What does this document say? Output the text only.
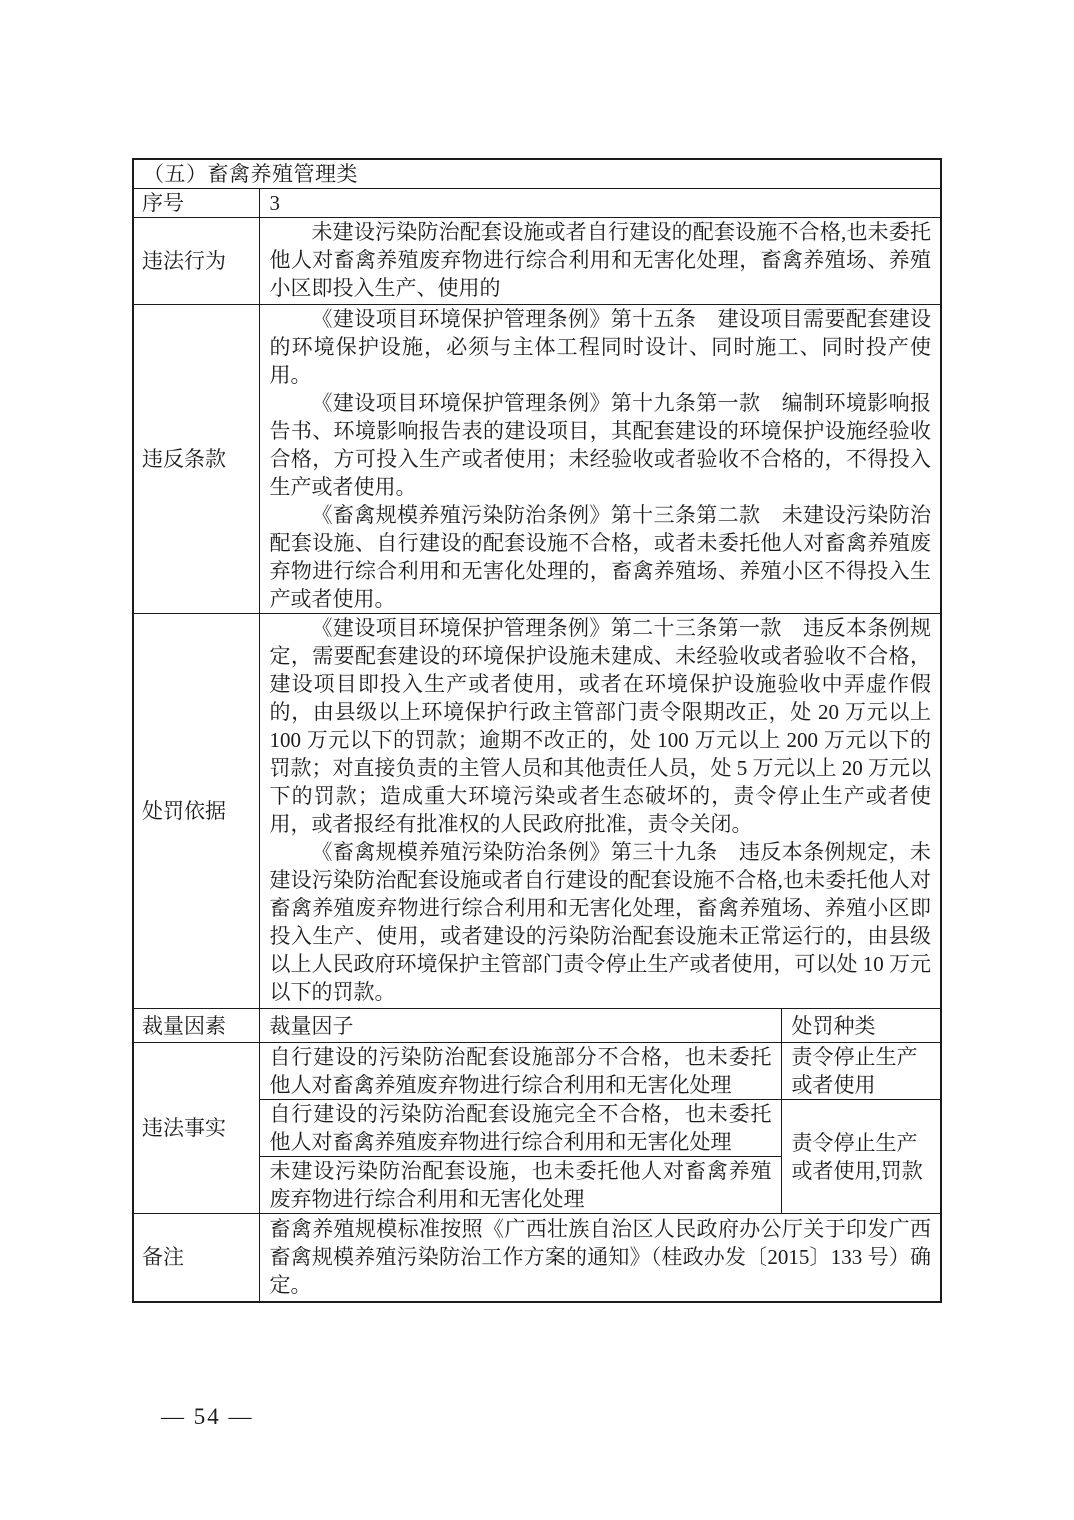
（五）畜禽养殖管理类		
序号	3	
违法行为	未建设污染防治配套设施或者自行建设的配套设施不合格,也未委托他人对畜禽养殖废弃物进行综合利用和无害化处理，畜禽养殖场、养殖小区即投入生产、使用的	

违反条款	《建设项目环境保护管理条例》第十五条　建设项目需要配套建设的环境保护设施，必须与主体工程同时设计、同时施工、同时投产使用。

《建设项目环境保护管理条例》第十九条第一款　编制环境影响报告书、环境影响报告表的建设项目，其配套建设的环境保护设施经验收合格，方可投入生产或者使用；未经验收或者验收不合格的，不得投入生产或者使用。

《畜禽规模养殖污染防治条例》第十三条第二款　未建设污染防治配套设施、自行建设的配套设施不合格，或者未委托他人对畜禽养殖废弃物进行综合利用和无害化处理的，畜禽养殖场、养殖小区不得投入生产或者使用。	

处罚依据	《建设项目环境保护管理条例》第二十三条第一款　违反本条例规定，需要配套建设的环境保护设施未建成、未经验收或者验收不合格，建设项目即投入生产或者使用，或者在环境保护设施验收中弄虚作假的，由县级以上环境保护行政主管部门责令限期改正，处 20 万元以上 100 万元以下的罚款；逾期不改正的，处 100 万元以上 200 万元以下的罚款；对直接负责的主管人员和其他责任人员，处 5 万元以上 20 万元以下的罚款；造成重大环境污染或者生态破坏的，责令停止生产或者使用，或者报经有批准权的人民政府批准，责令关闭。

《畜禽规模养殖污染防治条例》第三十九条　违反本条例规定，未建设污染防治配套设施或者自行建设的配套设施不合格,也未委托他人对畜禽养殖废弃物进行综合利用和无害化处理，畜禽养殖场、养殖小区即投入生产、使用，或者建设的污染防治配套设施未正常运行的，由县级以上人民政府环境保护主管部门责令停止生产或者使用，可以处 10 万元以下的罚款。	

裁量因素	裁量因子	处罚种类
违法事实	自行建设的污染防治配套设施部分不合格，也未委托他人对畜禽养殖废弃物进行综合利用和无害化处理	责令停止生产或者使用
	自行建设的污染防治配套设施完全不合格，也未委托他人对畜禽养殖废弃物进行综合利用和无害化处理	责令停止生产或者使用,罚款
	未建设污染防治配套设施，也未委托他人对畜禽养殖废弃物进行综合利用和无害化处理	
备注	畜禽养殖规模标准按照《广西壮族自治区人民政府办公厅关于印发广西畜禽规模养殖污染防治工作方案的通知》（桂政办发〔2015〕133 号）确定。	
— 54 —
